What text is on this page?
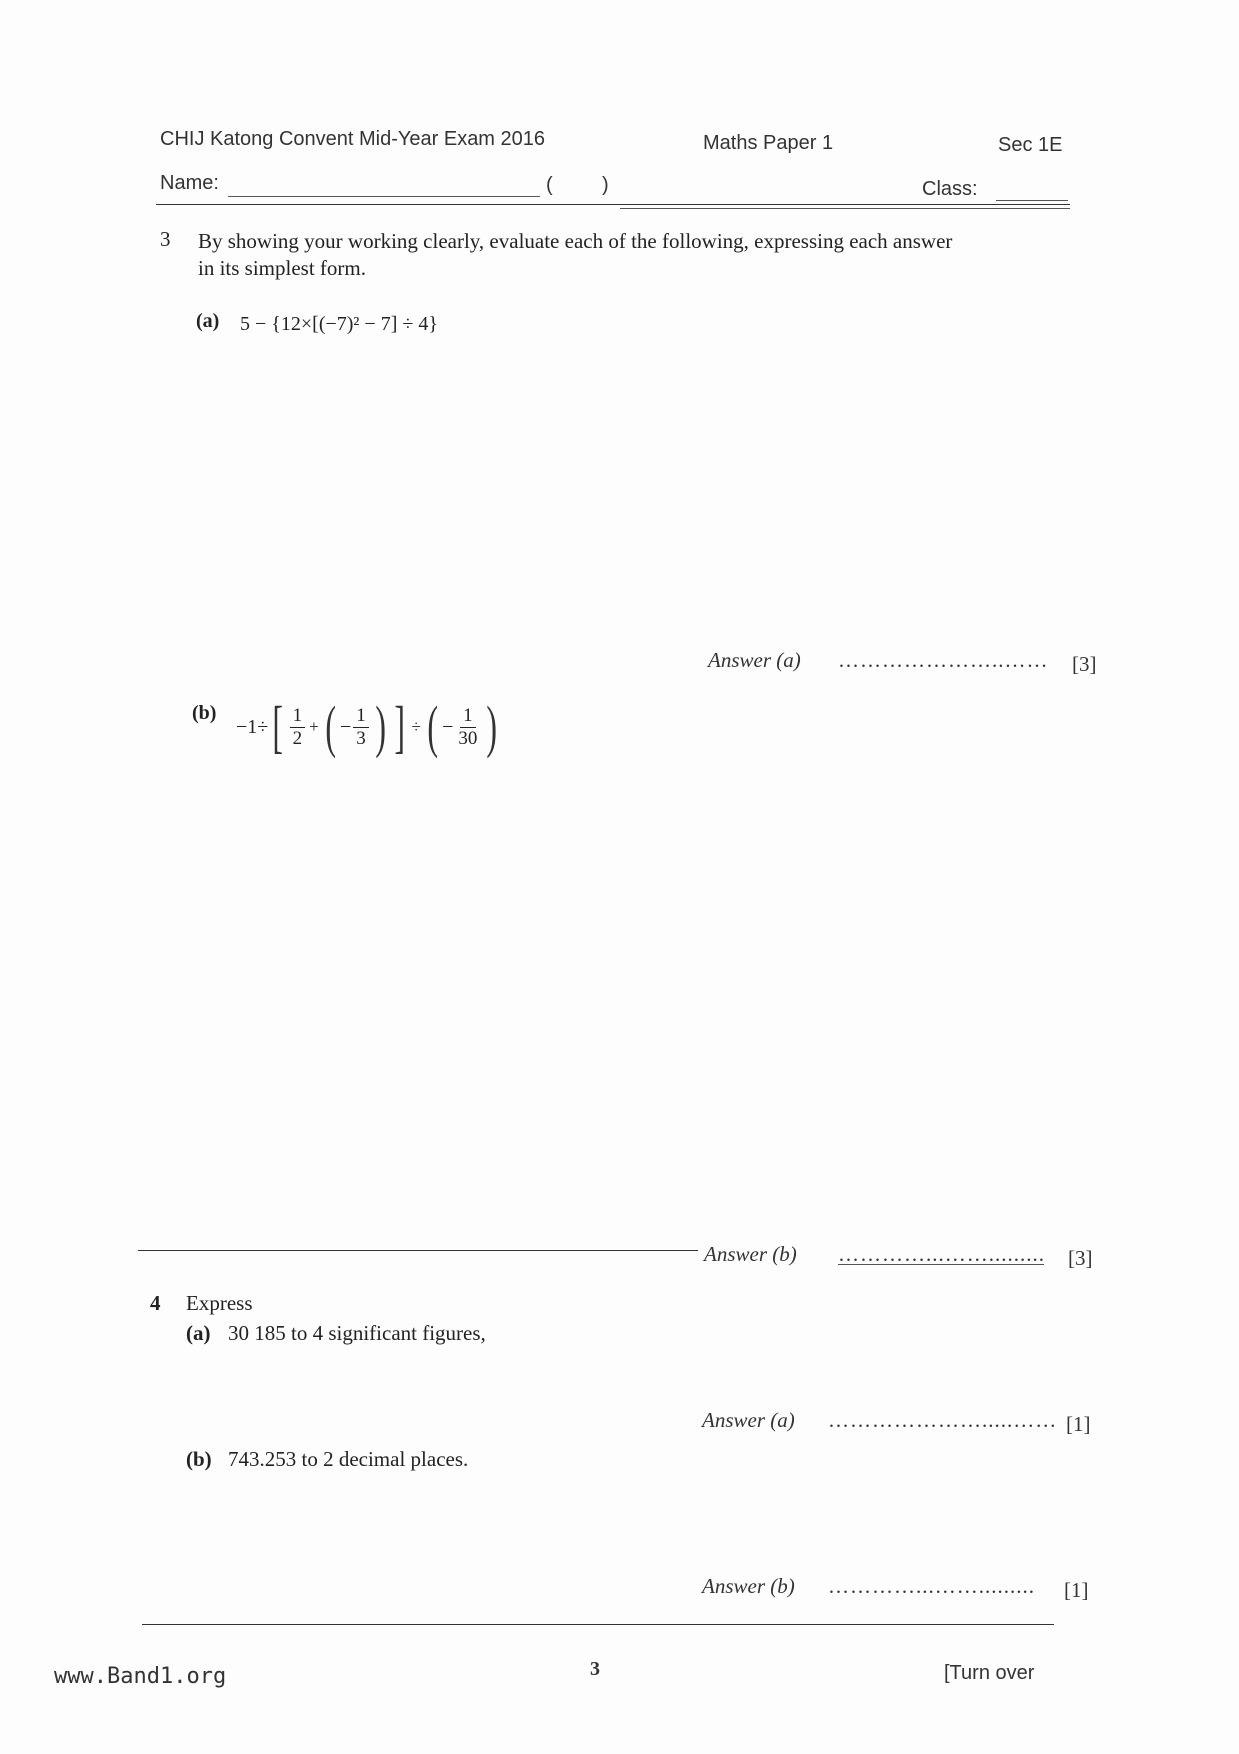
CHIJ Katong Convent Mid-Year Exam 2016	Maths Paper 1	Sec 1E
Name:	( )	Class:
3 By showing your working clearly, evaluate each of the following, expressing each answer
in its simplest form.
(a) 5 − {12×[(−7)² − 7] ÷ 4}
Answer (a) …………………..…… [3]
(b)
−1÷ [ $\frac{1}{2}$ + ( − $\frac{1}{3}$ ) ] ÷ ( − $\frac{1}{30}$ )
Answer (b) …………...……......... [3]
4 Express
(a) 30 185 to 4 significant figures,
Answer (a) ………………….....…… [1]
(b) 743.253 to 2 decimal places.
Answer (b) …………...……......... [1]
www.Band1.org	3	[Turn over
